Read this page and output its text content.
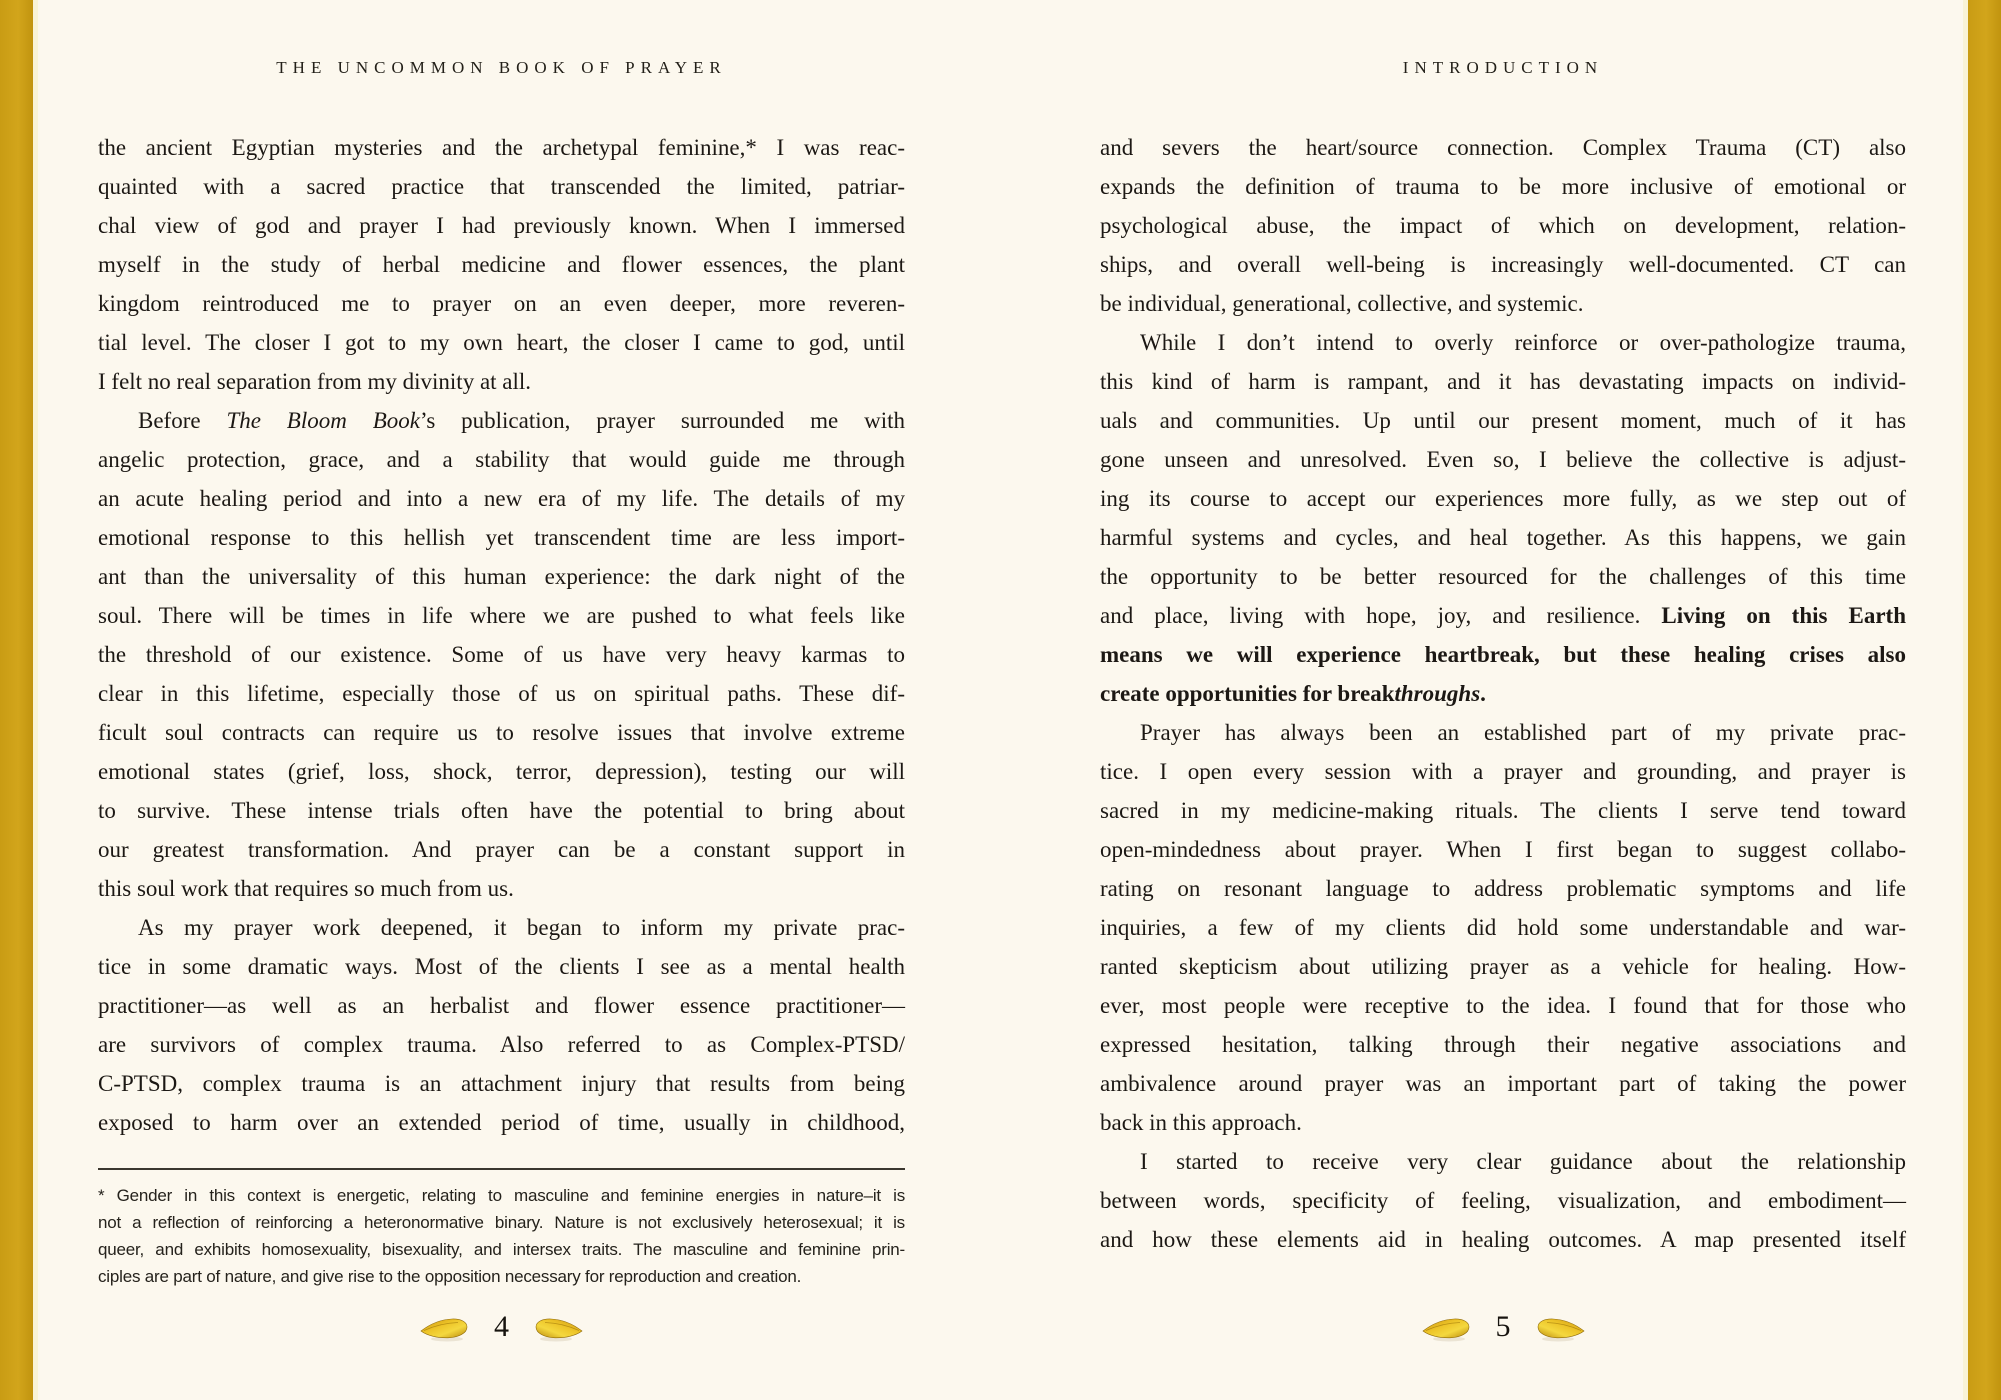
THE UNCOMMON BOOK OF PRAYER
the ancient Egyptian mysteries and the archetypal feminine,* I was reac-
quainted with a sacred practice that transcended the limited, patriar-
chal view of god and prayer I had previously known. When I immersed
myself in the study of herbal medicine and flower essences, the plant
kingdom reintroduced me to prayer on an even deeper, more reveren-
tial level. The closer I got to my own heart, the closer I came to god, until
I felt no real separation from my divinity at all.
Before The Bloom Book’s publication, prayer surrounded me with
angelic protection, grace, and a stability that would guide me through
an acute healing period and into a new era of my life. The details of my
emotional response to this hellish yet transcendent time are less import-
ant than the universality of this human experience: the dark night of the
soul. There will be times in life where we are pushed to what feels like
the threshold of our existence. Some of us have very heavy karmas to
clear in this lifetime, especially those of us on spiritual paths. These dif-
ficult soul contracts can require us to resolve issues that involve extreme
emotional states (grief, loss, shock, terror, depression), testing our will
to survive. These intense trials often have the potential to bring about
our greatest transformation. And prayer can be a constant support in
this soul work that requires so much from us.
As my prayer work deepened, it began to inform my private prac-
tice in some dramatic ways. Most of the clients I see as a mental health
practitioner—as well as an herbalist and flower essence practitioner—
are survivors of complex trauma. Also referred to as Complex-PTSD/
C-PTSD, complex trauma is an attachment injury that results from being
exposed to harm over an extended period of time, usually in childhood,
* Gender in this context is energetic, relating to masculine and feminine energies in nature–it is
not a reflection of reinforcing a heteronormative binary. Nature is not exclusively heterosexual; it is
queer, and exhibits homosexuality, bisexuality, and intersex traits. The masculine and feminine prin-
ciples are part of nature, and give rise to the opposition necessary for reproduction and creation.
4
INTRODUCTION
and severs the heart/source connection. Complex Trauma (CT) also
expands the definition of trauma to be more inclusive of emotional or
psychological abuse, the impact of which on development, relation-
ships, and overall well-being is increasingly well-documented. CT can
be individual, generational, collective, and systemic.
While I don’t intend to overly reinforce or over-pathologize trauma,
this kind of harm is rampant, and it has devastating impacts on individ-
uals and communities. Up until our present moment, much of it has
gone unseen and unresolved. Even so, I believe the collective is adjust-
ing its course to accept our experiences more fully, as we step out of
harmful systems and cycles, and heal together. As this happens, we gain
the opportunity to be better resourced for the challenges of this time
and place, living with hope, joy, and resilience. Living on this Earth
means we will experience heartbreak, but these healing crises also
create opportunities for breakthroughs.
Prayer has always been an established part of my private prac-
tice. I open every session with a prayer and grounding, and prayer is
sacred in my medicine-making rituals. The clients I serve tend toward
open-mindedness about prayer. When I first began to suggest collabo-
rating on resonant language to address problematic symptoms and life
inquiries, a few of my clients did hold some understandable and war-
ranted skepticism about utilizing prayer as a vehicle for healing. How-
ever, most people were receptive to the idea. I found that for those who
expressed hesitation, talking through their negative associations and
ambivalence around prayer was an important part of taking the power
back in this approach.
I started to receive very clear guidance about the relationship
between words, specificity of feeling, visualization, and embodiment—
and how these elements aid in healing outcomes. A map presented itself
5
